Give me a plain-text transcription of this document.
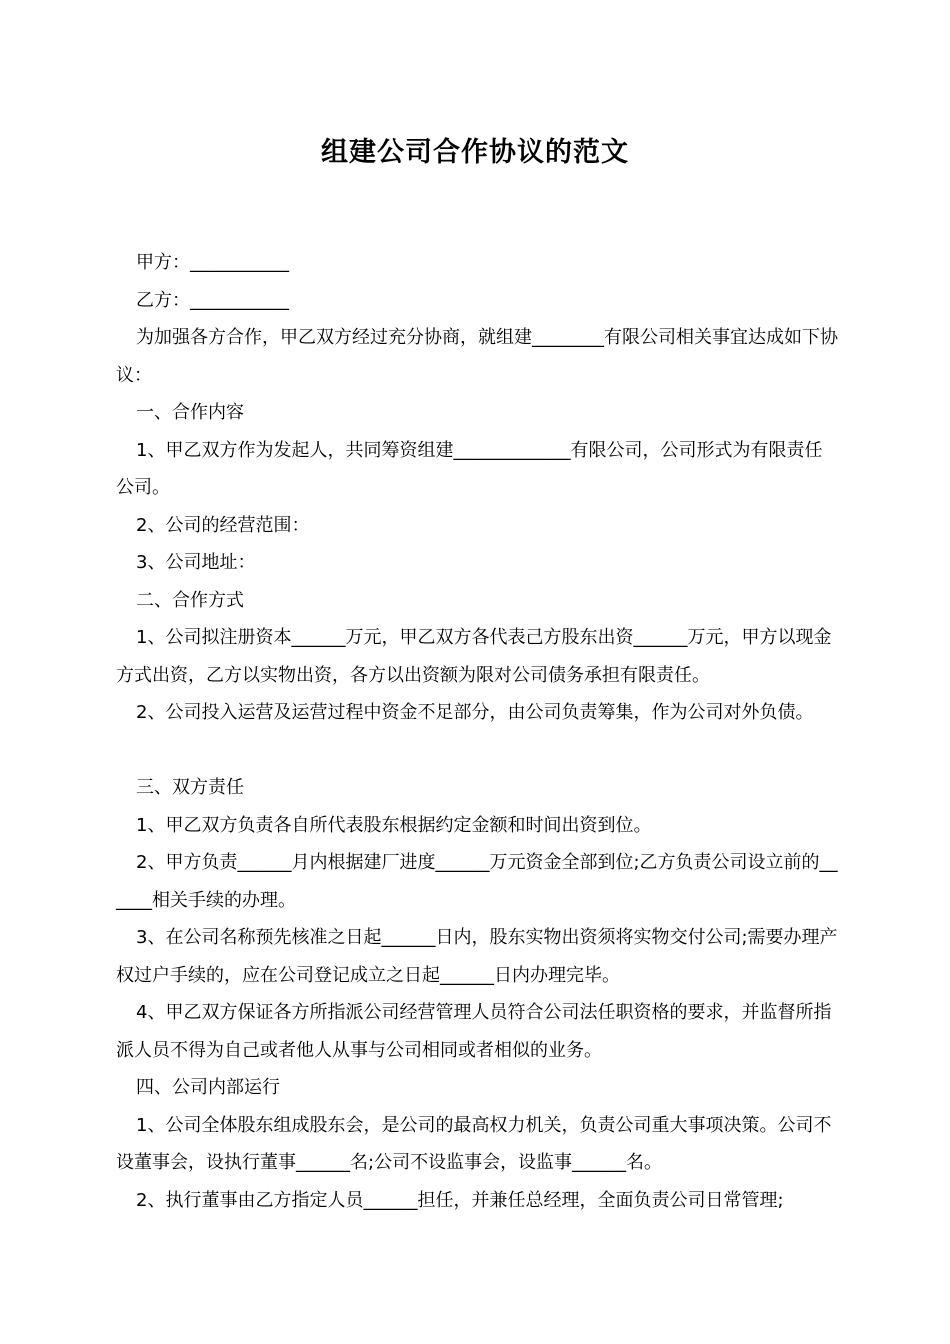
组建公司合作协议的范文

甲方：___________

乙方：___________

为加强各方合作，甲乙双方经过充分协商，就组建________有限公司相关事宜达成如下协议：

一、合作内容

1、甲乙双方作为发起人，共同筹资组建_____________有限公司，公司形式为有限责任公司。

2、公司的经营范围：

3、公司地址：

二、合作方式

1、公司拟注册资本______万元，甲乙双方各代表己方股东出资______万元，甲方以现金方式出资，乙方以实物出资，各方以出资额为限对公司债务承担有限责任。

2、公司投入运营及运营过程中资金不足部分，由公司负责筹集，作为公司对外负债。

三、双方责任

1、甲乙双方负责各自所代表股东根据约定金额和时间出资到位。

2、甲方负责______月内根据建厂进度______万元资金全部到位;乙方负责公司设立前的______相关手续的办理。

3、在公司名称预先核准之日起______日内，股东实物出资须将实物交付公司;需要办理产权过户手续的，应在公司登记成立之日起______日内办理完毕。

4、甲乙双方保证各方所指派公司经营管理人员符合公司法任职资格的要求，并监督所指派人员不得为自己或者他人从事与公司相同或者相似的业务。

四、公司内部运行

1、公司全体股东组成股东会，是公司的最高权力机关，负责公司重大事项决策。公司不设董事会，设执行董事______名;公司不设监事会，设监事______名。

2、执行董事由乙方指定人员______担任，并兼任总经理，全面负责公司日常管理;
